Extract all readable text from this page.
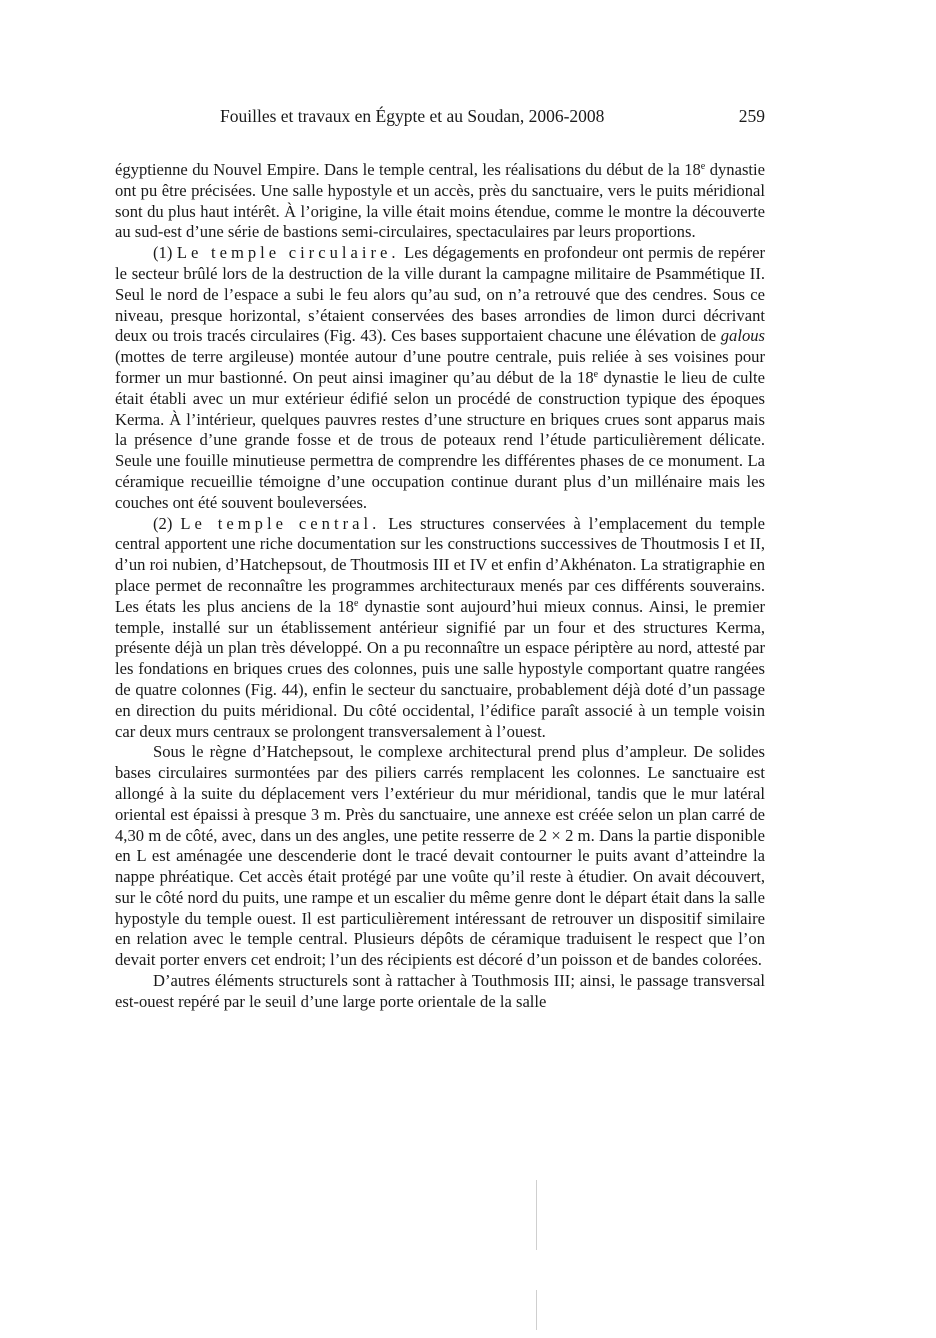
Fouilles et travaux en Égypte et au Soudan, 2006-2008	259

égyptienne du Nouvel Empire. Dans le temple central, les réalisations du début de la 18e dynastie ont pu être précisées. Une salle hypostyle et un accès, près du sanctuaire, vers le puits méridional sont du plus haut intérêt. À l’origine, la ville était moins étendue, comme le montre la découverte au sud-est d’une série de bastions semi-circulaires, spectaculaires par leurs proportions.

(1) Le temple circulaire. Les dégagements en profondeur ont permis de repérer le secteur brûlé lors de la destruction de la ville durant la campagne militaire de Psammétique II. Seul le nord de l’espace a subi le feu alors qu’au sud, on n’a retrouvé que des cendres. Sous ce niveau, presque horizontal, s’étaient conservées des bases arrondies de limon durci décrivant deux ou trois tracés circulaires (Fig. 43). Ces bases supportaient chacune une élévation de galous (mottes de terre argileuse) montée autour d’une poutre centrale, puis reliée à ses voisines pour former un mur bastionné. On peut ainsi imaginer qu’au début de la 18e dynastie le lieu de culte était établi avec un mur extérieur édifié selon un procédé de construction typique des époques Kerma. À l’intérieur, quelques pauvres restes d’une structure en briques crues sont apparus mais la présence d’une grande fosse et de trous de poteaux rend l’étude particulièrement délicate. Seule une fouille minutieuse permettra de comprendre les différentes phases de ce monument. La céramique recueillie témoigne d’une occupation continue durant plus d’un millénaire mais les couches ont été souvent bouleversées.

(2) Le temple central. Les structures conservées à l’emplacement du temple central apportent une riche documentation sur les constructions successives de Thoutmosis I et II, d’un roi nubien, d’Hatchepsout, de Thoutmosis III et IV et enfin d’Akhénaton. La stratigraphie en place permet de reconnaître les programmes architecturaux menés par ces différents souverains. Les états les plus anciens de la 18e dynastie sont aujourd’hui mieux connus. Ainsi, le premier temple, installé sur un établissement antérieur signifié par un four et des structures Kerma, présente déjà un plan très développé. On a pu reconnaître un espace périptère au nord, attesté par les fondations en briques crues des colonnes, puis une salle hypostyle comportant quatre rangées de quatre colonnes (Fig. 44), enfin le secteur du sanctuaire, probablement déjà doté d’un passage en direction du puits méridional. Du côté occidental, l’édifice paraît associé à un temple voisin car deux murs centraux se prolongent transversalement à l’ouest.

Sous le règne d’Hatchepsout, le complexe architectural prend plus d’ampleur. De solides bases circulaires surmontées par des piliers carrés remplacent les colonnes. Le sanctuaire est allongé à la suite du déplacement vers l’extérieur du mur méridional, tandis que le mur latéral oriental est épaissi à presque 3 m. Près du sanctuaire, une annexe est créée selon un plan carré de 4,30 m de côté, avec, dans un des angles, une petite resserre de 2 × 2 m. Dans la partie disponible en L est aménagée une descenderie dont le tracé devait contourner le puits avant d’atteindre la nappe phréatique. Cet accès était protégé par une voûte qu’il reste à étudier. On avait découvert, sur le côté nord du puits, une rampe et un escalier du même genre dont le départ était dans la salle hypostyle du temple ouest. Il est particulièrement intéressant de retrouver un dispositif similaire en relation avec le temple central. Plusieurs dépôts de céramique traduisent le respect que l’on devait porter envers cet endroit; l’un des récipients est décoré d’un poisson et de bandes colorées.

D’autres éléments structurels sont à rattacher à Touthmosis III; ainsi, le passage transversal est-ouest repéré par le seuil d’une large porte orientale de la salle
